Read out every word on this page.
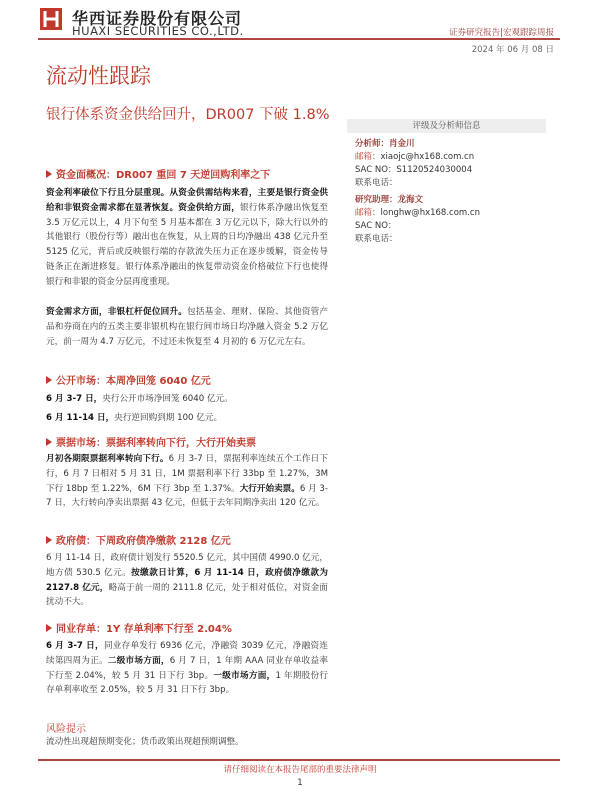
华西证券股份有限公司
HUAXI SECURITIES CO.,LTD.	证券研究报告|宏观跟踪周报
2024 年 06 月 08 日
流动性跟踪
银行体系资金供给回升，DR007 下破 1.8%
评级及分析师信息
分析师：肖金川
邮箱：xiaojc@hx168.com.cn
SAC NO：S1120524030004
联系电话：
研究助理：龙海文
邮箱：longhw@hx168.com.cn
SAC NO：
联系电话：
资金面概况：DR007 重回 7 天逆回购利率之下
资金利率破位下行且分层重现。从资金供需结构来看，主要是银行资金供给和非银资金需求都在显著恢复。资金供给方面，银行体系净融出恢复至 3.5 万亿元以上，4 月下旬至 5 月基本都在 3 万亿元以下，除大行以外的其他银行（股份行等）融出也在恢复，从上周的日均净融出 438 亿元升至 5125 亿元，背后或反映银行端的存款流失压力正在逐步缓解，资金传导链条正在渐进修复。银行体系净融出的恢复带动资金价格破位下行也使得银行和非银的资金分层再度重现。
资金需求方面，非银杠杆促位回升。包括基金、理财、保险、其他资管产品和券商在内的五类主要非银机构在银行间市场日均净融入资金 5.2 万亿元，前一周为 4.7 万亿元，不过还未恢复至 4 月初的 6 万亿元左右。
公开市场：本周净回笼 6040 亿元
6 月 3-7 日，央行公开市场净回笼 6040 亿元。
6 月 11-14 日，央行逆回购到期 100 亿元。
票据市场：票据利率转向下行，大行开始卖票
月初各期限票据利率转向下行。6 月 3-7 日，票据利率连续五个工作日下行，6 月 7 日相对 5 月 31 日，1M 票据利率下行 33bp 至 1.27%，3M 下行 18bp 至 1.22%，6M 下行 3bp 至 1.37%。大行开始卖票。6 月 3-7 日，大行转向净卖出票据 43 亿元，但低于去年同期净卖出 120 亿元。
政府债：下周政府债净缴款 2128 亿元
6 月 11-14 日，政府债计划发行 5520.5 亿元，其中国债 4990.0 亿元，地方债 530.5 亿元。按缴款日计算，6 月 11-14 日，政府债净缴款为 2127.8 亿元，略高于前一周的 2111.8 亿元，处于相对低位，对资金面扰动不大。
同业存单：1Y 存单利率下行至 2.04%
6 月 3-7 日，同业存单发行 6936 亿元，净融资 3039 亿元，净融资连续第四周为正。二级市场方面，6 月 7 日，1 年期 AAA 同业存单收益率下行至 2.04%，较 5 月 31 日下行 3bp。一级市场方面，1 年期股份行存单利率收至 2.05%，较 5 月 31 日下行 3bp。
风险提示
流动性出现超预期变化；货币政策出现超预期调整。
请仔细阅读在本报告尾部的重要法律声明
1
